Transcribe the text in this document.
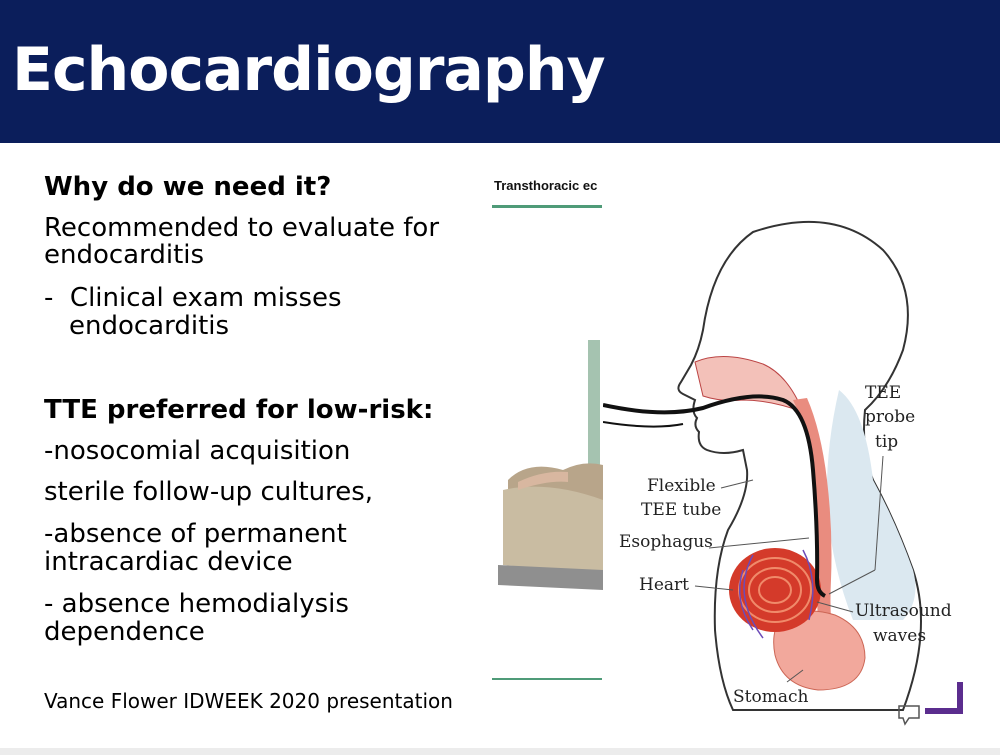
Echocardiography

Why do we need it?

Recommended to evaluate for

endocarditis

-  Clinical exam misses

endocarditis

TTE preferred for low-risk:

-nosocomial acquisition

sterile follow-up cultures,

-absence of permanent

intracardiac device

- absence hemodialysis

dependence

Vance Flower IDWEEK 2020 presentation

Transthoracic ec
TEE
probe
tip
Flexible
TEE tube
Esophagus
Heart
Ultrasound
waves
Stomach
